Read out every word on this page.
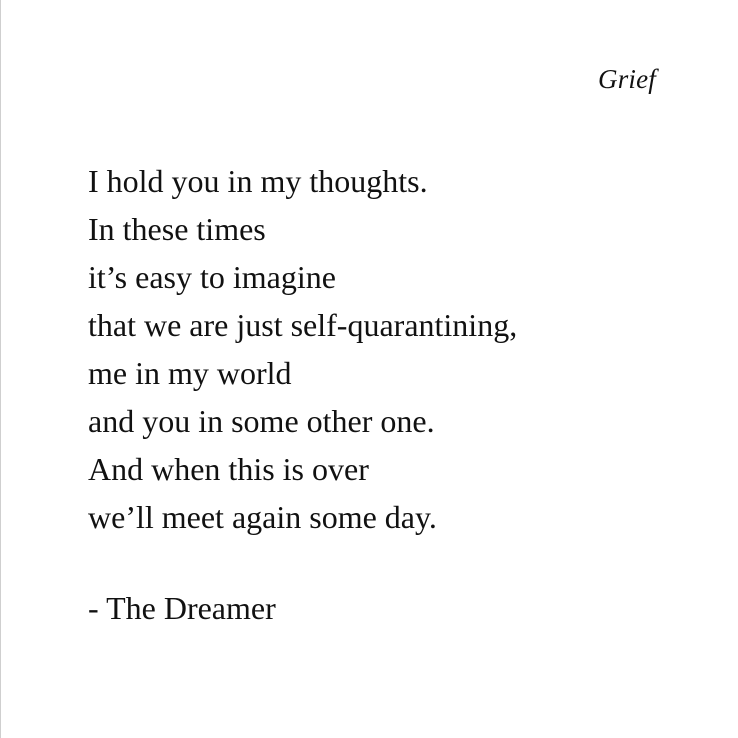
Grief
I hold you in my thoughts.
In these times
it’s easy to imagine
that we are just self-quarantining,
me in my world
and you in some other one.
And when this is over
we’ll meet again some day.
- The Dreamer
